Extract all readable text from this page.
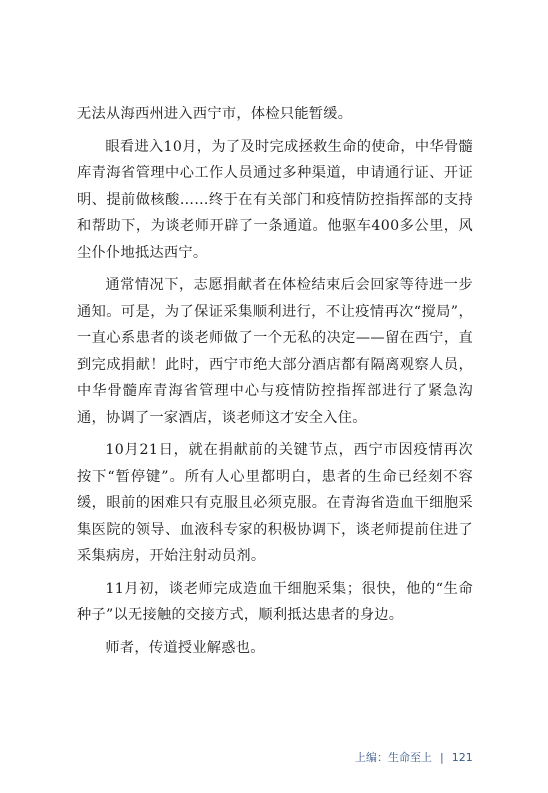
无法从海西州进入西宁市，体检只能暂缓。

眼看进入10月，为了及时完成拯救生命的使命，中华骨髓库青海省管理中心工作人员通过多种渠道，申请通行证、开证明、提前做核酸……终于在有关部门和疫情防控指挥部的支持和帮助下，为谈老师开辟了一条通道。他驱车400多公里，风尘仆仆地抵达西宁。

通常情况下，志愿捐献者在体检结束后会回家等待进一步通知。可是，为了保证采集顺利进行，不让疫情再次“搅局”，一直心系患者的谈老师做了一个无私的决定——留在西宁，直到完成捐献！此时，西宁市绝大部分酒店都有隔离观察人员，中华骨髓库青海省管理中心与疫情防控指挥部进行了紧急沟通，协调了一家酒店，谈老师这才安全入住。

10月21日，就在捐献前的关键节点，西宁市因疫情再次按下“暂停键”。所有人心里都明白，患者的生命已经刻不容缓，眼前的困难只有克服且必须克服。在青海省造血干细胞采集医院的领导、血液科专家的积极协调下，谈老师提前住进了采集病房，开始注射动员剂。

11月初，谈老师完成造血干细胞采集；很快，他的“生命种子”以无接触的交接方式，顺利抵达患者的身边。

师者，传道授业解惑也。

上编：生命至上 | 121
